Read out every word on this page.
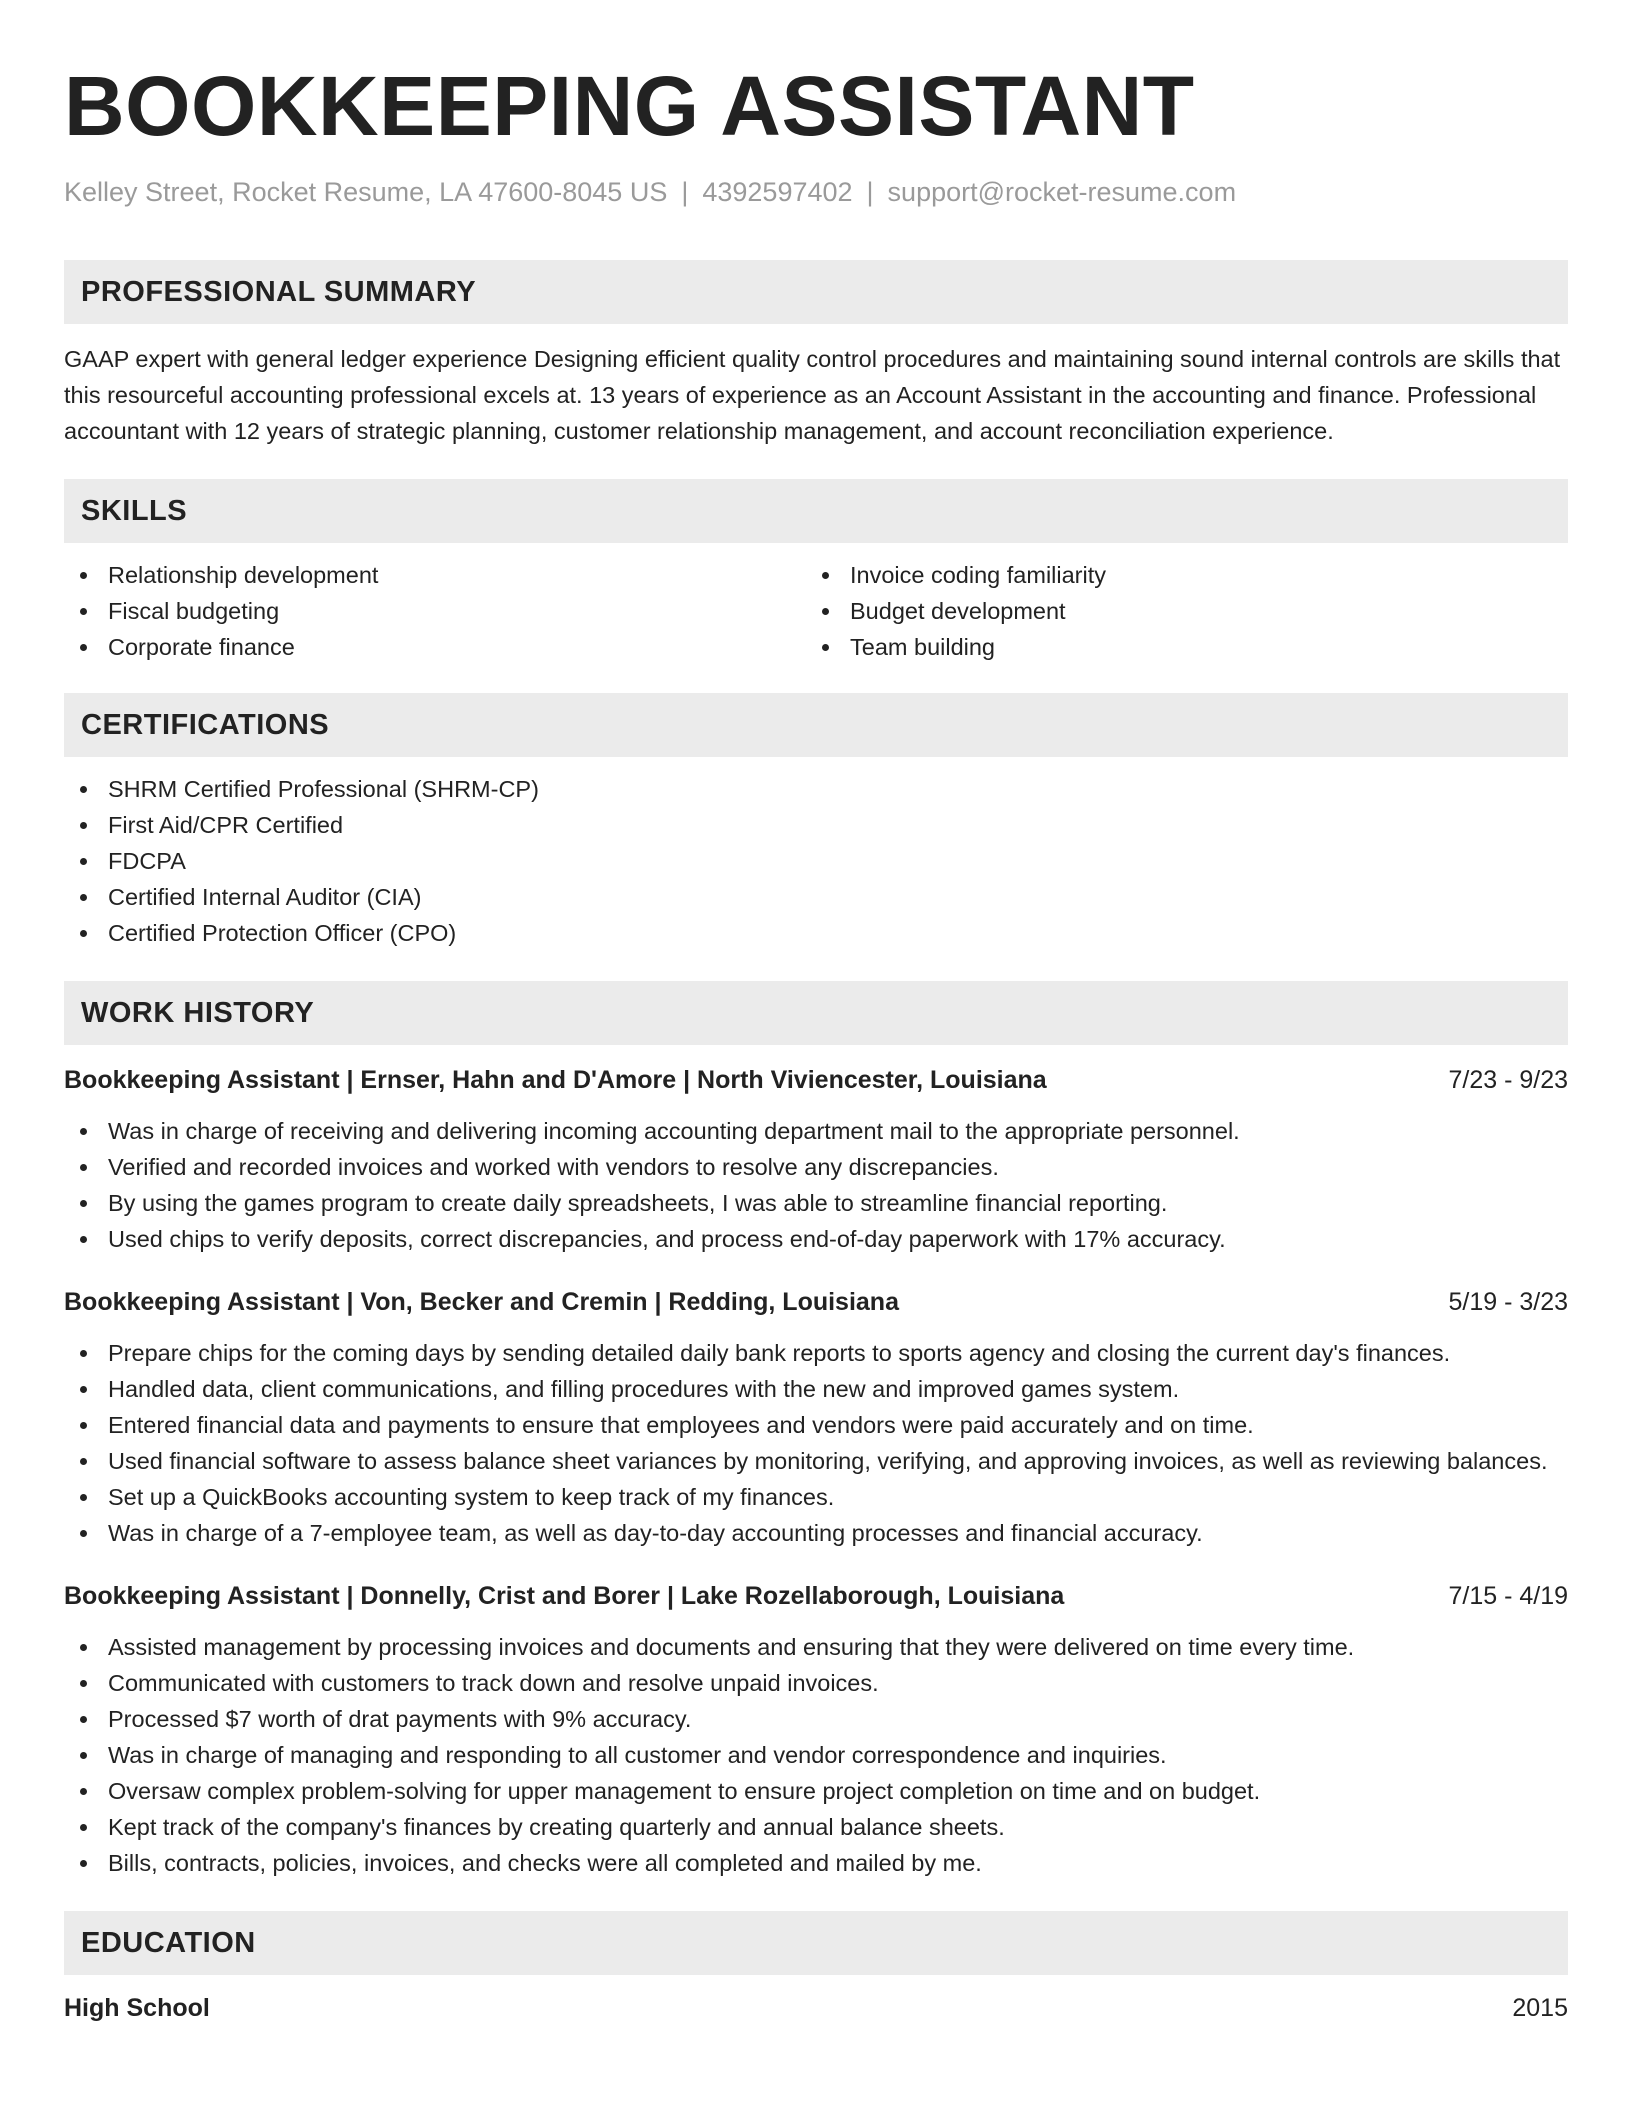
BOOKKEEPING ASSISTANT
Kelley Street, Rocket Resume, LA 47600-8045 US | 4392597402 | support@rocket-resume.com
PROFESSIONAL SUMMARY

GAAP expert with general ledger experience Designing efficient quality control procedures and maintaining sound internal controls are skills that this resourceful accounting professional excels at. 13 years of experience as an Account Assistant in the accounting and finance. Professional accountant with 12 years of strategic planning, customer relationship management, and account reconciliation experience.

SKILLS
Relationship development
Fiscal budgeting
Corporate finance
Invoice coding familiarity
Budget development
Team building
CERTIFICATIONS
SHRM Certified Professional (SHRM-CP)
First Aid/CPR Certified
FDCPA
Certified Internal Auditor (CIA)
Certified Protection Officer (CPO)
WORK HISTORY
Bookkeeping Assistant | Ernser, Hahn and D'Amore | North Viviencester, Louisiana	7/23 - 9/23
Was in charge of receiving and delivering incoming accounting department mail to the appropriate personnel.
Verified and recorded invoices and worked with vendors to resolve any discrepancies.
By using the games program to create daily spreadsheets, I was able to streamline financial reporting.
Used chips to verify deposits, correct discrepancies, and process end-of-day paperwork with 17% accuracy.
Bookkeeping Assistant | Von, Becker and Cremin | Redding, Louisiana	5/19 - 3/23
Prepare chips for the coming days by sending detailed daily bank reports to sports agency and closing the current day's finances.
Handled data, client communications, and filling procedures with the new and improved games system.
Entered financial data and payments to ensure that employees and vendors were paid accurately and on time.
Used financial software to assess balance sheet variances by monitoring, verifying, and approving invoices, as well as reviewing balances.
Set up a QuickBooks accounting system to keep track of my finances.
Was in charge of a 7-employee team, as well as day-to-day accounting processes and financial accuracy.
Bookkeeping Assistant | Donnelly, Crist and Borer | Lake Rozellaborough, Louisiana	7/15 - 4/19
Assisted management by processing invoices and documents and ensuring that they were delivered on time every time.
Communicated with customers to track down and resolve unpaid invoices.
Processed $7 worth of drat payments with 9% accuracy.
Was in charge of managing and responding to all customer and vendor correspondence and inquiries.
Oversaw complex problem-solving for upper management to ensure project completion on time and on budget.
Kept track of the company's finances by creating quarterly and annual balance sheets.
Bills, contracts, policies, invoices, and checks were all completed and mailed by me.
EDUCATION
High School	2015
